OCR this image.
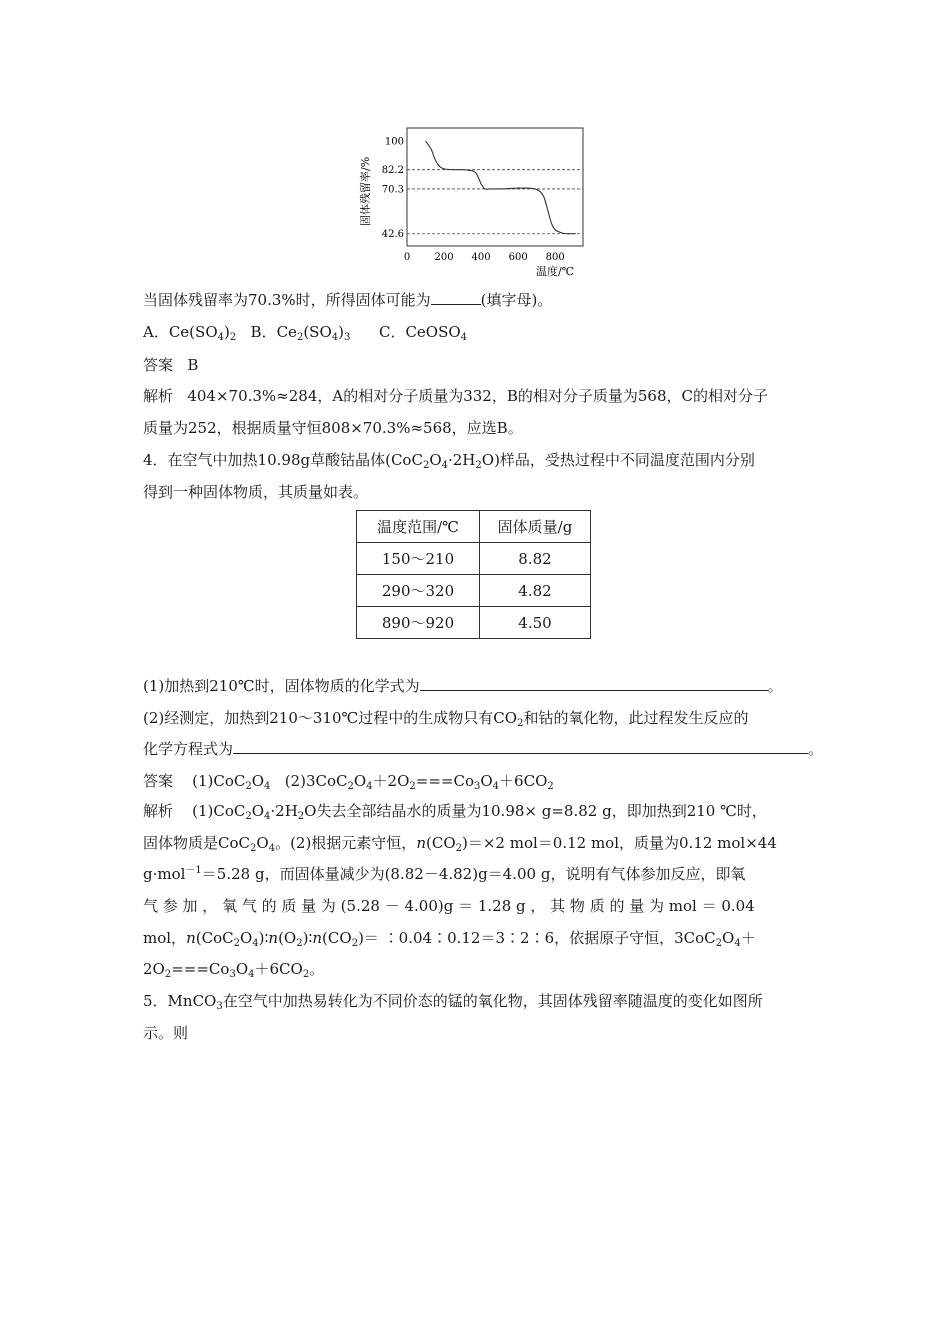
固体残留率/%
100
82.2
70.3
42.6
0 200 400 600 800
温度/℃
当固体残留率为70.3%时，所得固体可能为	(填字母)。
A．$Ce(SO_4)_2$ B．$Ce_2(SO_4)_3$ C．CeOSO$_4$
答案 B
解析 404×70.3%≈284，A的相对分子质量为332，B的相对分子质量为568，C的相对分子
质量为252，根据质量守恒808×70.3%≈568，应选B。
4．在空气中加热10.98g草酸钴晶体$(CoC_2O_4\cdot 2H_2O)$样品，受热过程中不同温度范围内分别
得到一种固体物质，其质量如表。
温度范围/℃	固体质量/g
150～210	8.82
290～320	4.82
890～920	4.50
(1)加热到210℃时，固体物质的化学式为	。
(2)经测定，加热到210～310℃过程中的生成物只有$CO_2$和钴的氧化物，此过程发生反应的
化学方程式为	。
答案 $(1)CoC_2O_4$ $(2)3CoC_2O_4+2O_2===Co_3O_4+6CO_2$
解析 $(1)CoC_2O_4\cdot 2H_2O$失去全部结晶水的质量为10.98× g=8.82 g，即加热到210 ℃时，
固体物质是$CoC_2O_4$。(2)根据元素守恒，$n(CO_2)=\times 2$ mol＝0.12 mol，质量为0.12 mol×44
g·mol$^{-1}$＝5.28 g，而固体量减少为(8.82－4.82)g＝4.00 g，说明有气体参加反应，即氧
气 参 加 ， 氧 气 的 质 量 为 (5.28 － 4.00)g ＝ 1.28 g ， 其 物 质 的 量 为 mol ＝ 0.04
mol，$n(CoC_2O_4)∶n(O_2)∶n(CO_2)=$ ∶0.04∶0.12＝3∶2∶6，依据原子守恒，$3CoC_2O_4+$
$2O_2===Co_3O_4+6CO_2$。
5．MnCO$_3$在空气中加热易转化为不同价态的锰的氧化物，其固体残留率随温度的变化如图所
示。则
